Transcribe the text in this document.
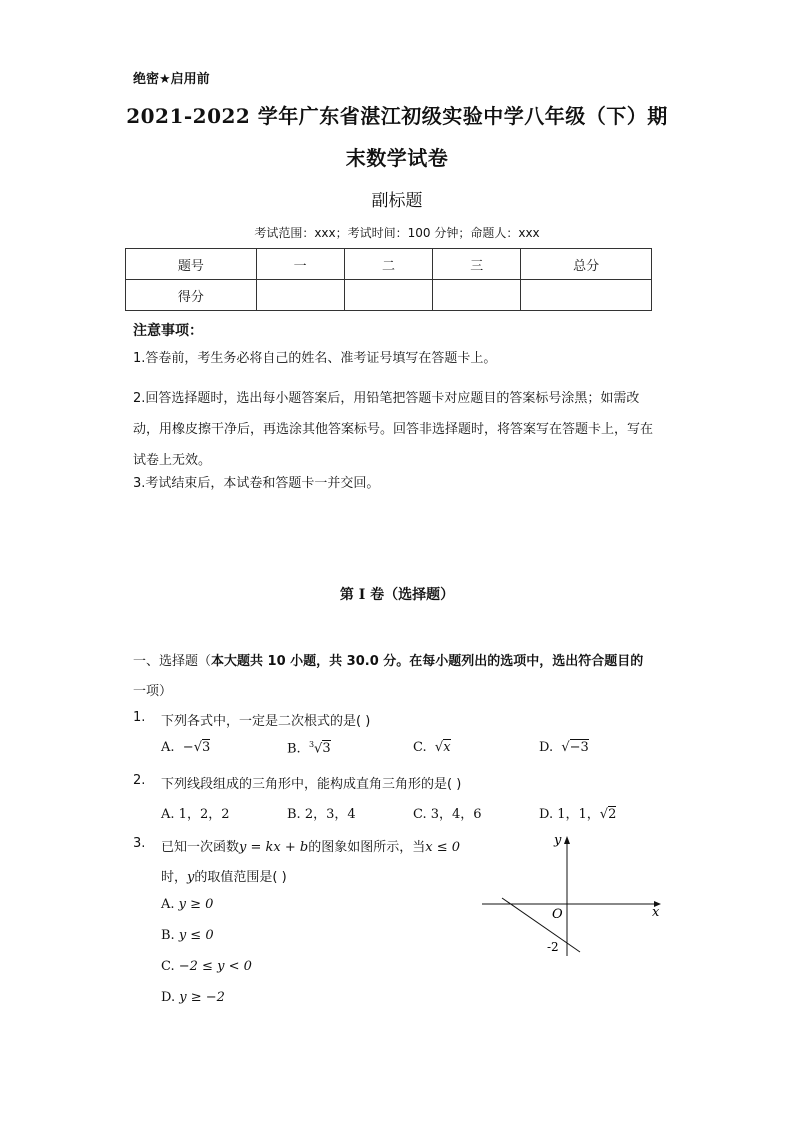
绝密★启用前
2021-2022 学年广东省湛江初级实验中学八年级（下）期
末数学试卷
副标题
考试范围：xxx；考试时间：100 分钟；命题人：xxx
题号	一	二	三	总分
得分				
注意事项：
1.答卷前，考生务必将自己的姓名、准考证号填写在答题卡上。
2.回答选择题时，选出每小题答案后，用铅笔把答题卡对应题目的答案标号涂黑；如需改动，用橡皮擦干净后，再选涂其他答案标号。回答非选择题时，将答案写在答题卡上，写在试卷上无效。
3.考试结束后，本试卷和答题卡一并交回。
第 I 卷（选择题）
一、选择题（本大题共 10 小题，共 30.0 分。在每小题列出的选项中，选出符合题目的
一项）
1. 下列各式中，一定是二次根式的是( )
A. −√3	B. $^3$√3	C. √x	D. √−3
2. 下列线段组成的三角形中，能构成直角三角形的是( )
A. 1，2，2	B. 2，3，4	C. 3，4，6	D. 1，1，√2
3. 已知一次函数y = kx + b的图象如图所示，当x ≤ 0
时，y的取值范围是( )
A. y ≥ 0
B. y ≤ 0
C. −2 ≤ y < 0
D. y ≥ −2
x
y
O
-2
